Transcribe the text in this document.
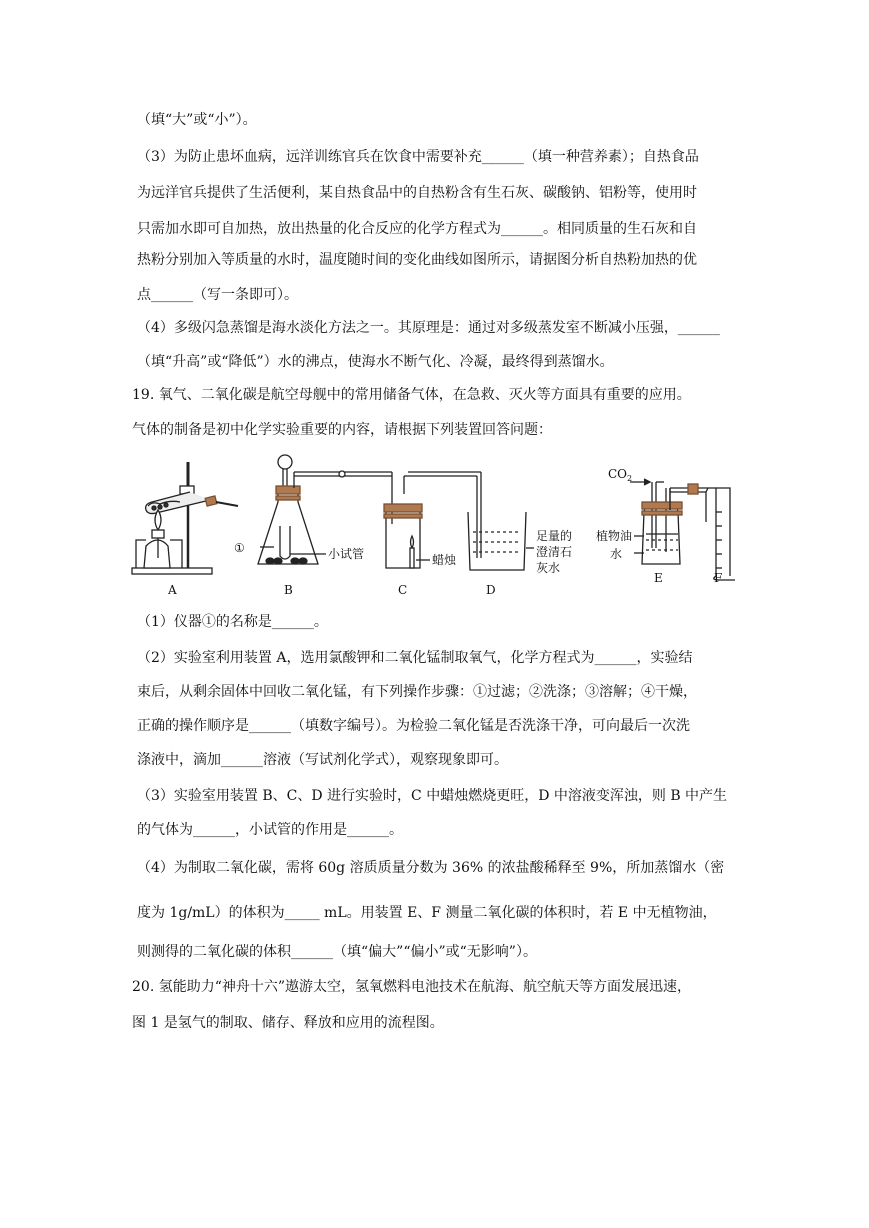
（填“大”或“小”）。
（3）为防止患坏血病，远洋训练官兵在饮食中需要补充______（填一种营养素）；自热食品
为远洋官兵提供了生活便利，某自热食品中的自热粉含有生石灰、碳酸钠、铝粉等，使用时
只需加水即可自加热，放出热量的化合反应的化学方程式为______。相同质量的生石灰和自
热粉分别加入等质量的水时，温度随时间的变化曲线如图所示，请据图分析自热粉加热的优
点______（写一条即可）。
（4）多级闪急蒸馏是海水淡化方法之一。其原理是：通过对多级蒸发室不断减小压强，______
（填“升高”或“降低”）水的沸点，使海水不断气化、冷凝，最终得到蒸馏水。
19. 氧气、二氧化碳是航空母舰中的常用储备气体，在急救、灭火等方面具有重要的应用。
气体的制备是初中化学实验重要的内容，请根据下列装置回答问题：
（1）仪器①的名称是______。
（2）实验室利用装置 A，选用氯酸钾和二氧化锰制取氧气，化学方程式为______，实验结
束后，从剩余固体中回收二氧化锰，有下列操作步骤：①过滤；②洗涤；③溶解；④干燥，
正确的操作顺序是______（填数字编号）。为检验二氧化锰是否洗涤干净，可向最后一次洗
涤液中，滴加______溶液（写试剂化学式），观察现象即可。
（3）实验室用装置 B、C、D 进行实验时，C 中蜡烛燃烧更旺，D 中溶液变浑浊，则 B 中产生
的气体为______，小试管的作用是______。
（4）为制取二氧化碳，需将 60g 溶质质量分数为 36% 的浓盐酸稀释至 9%，所加蒸馏水（密
度为 1g/mL）的体积为_____ mL。用装置 E、F 测量二氧化碳的体积时，若 E 中无植物油，
则测得的二氧化碳的体积______（填“偏大”“偏小”或“无影响”）。
20. 氢能助力“神舟十六”遨游太空，氢氧燃料电池技术在航海、航空航天等方面发展迅速，
图 1 是氢气的制取、储存、释放和应用的流程图。
A	B	C	D
E	F
①	小试管	蜡烛
足量的
澄清石
灰水
$CO_2$
植物油
水
